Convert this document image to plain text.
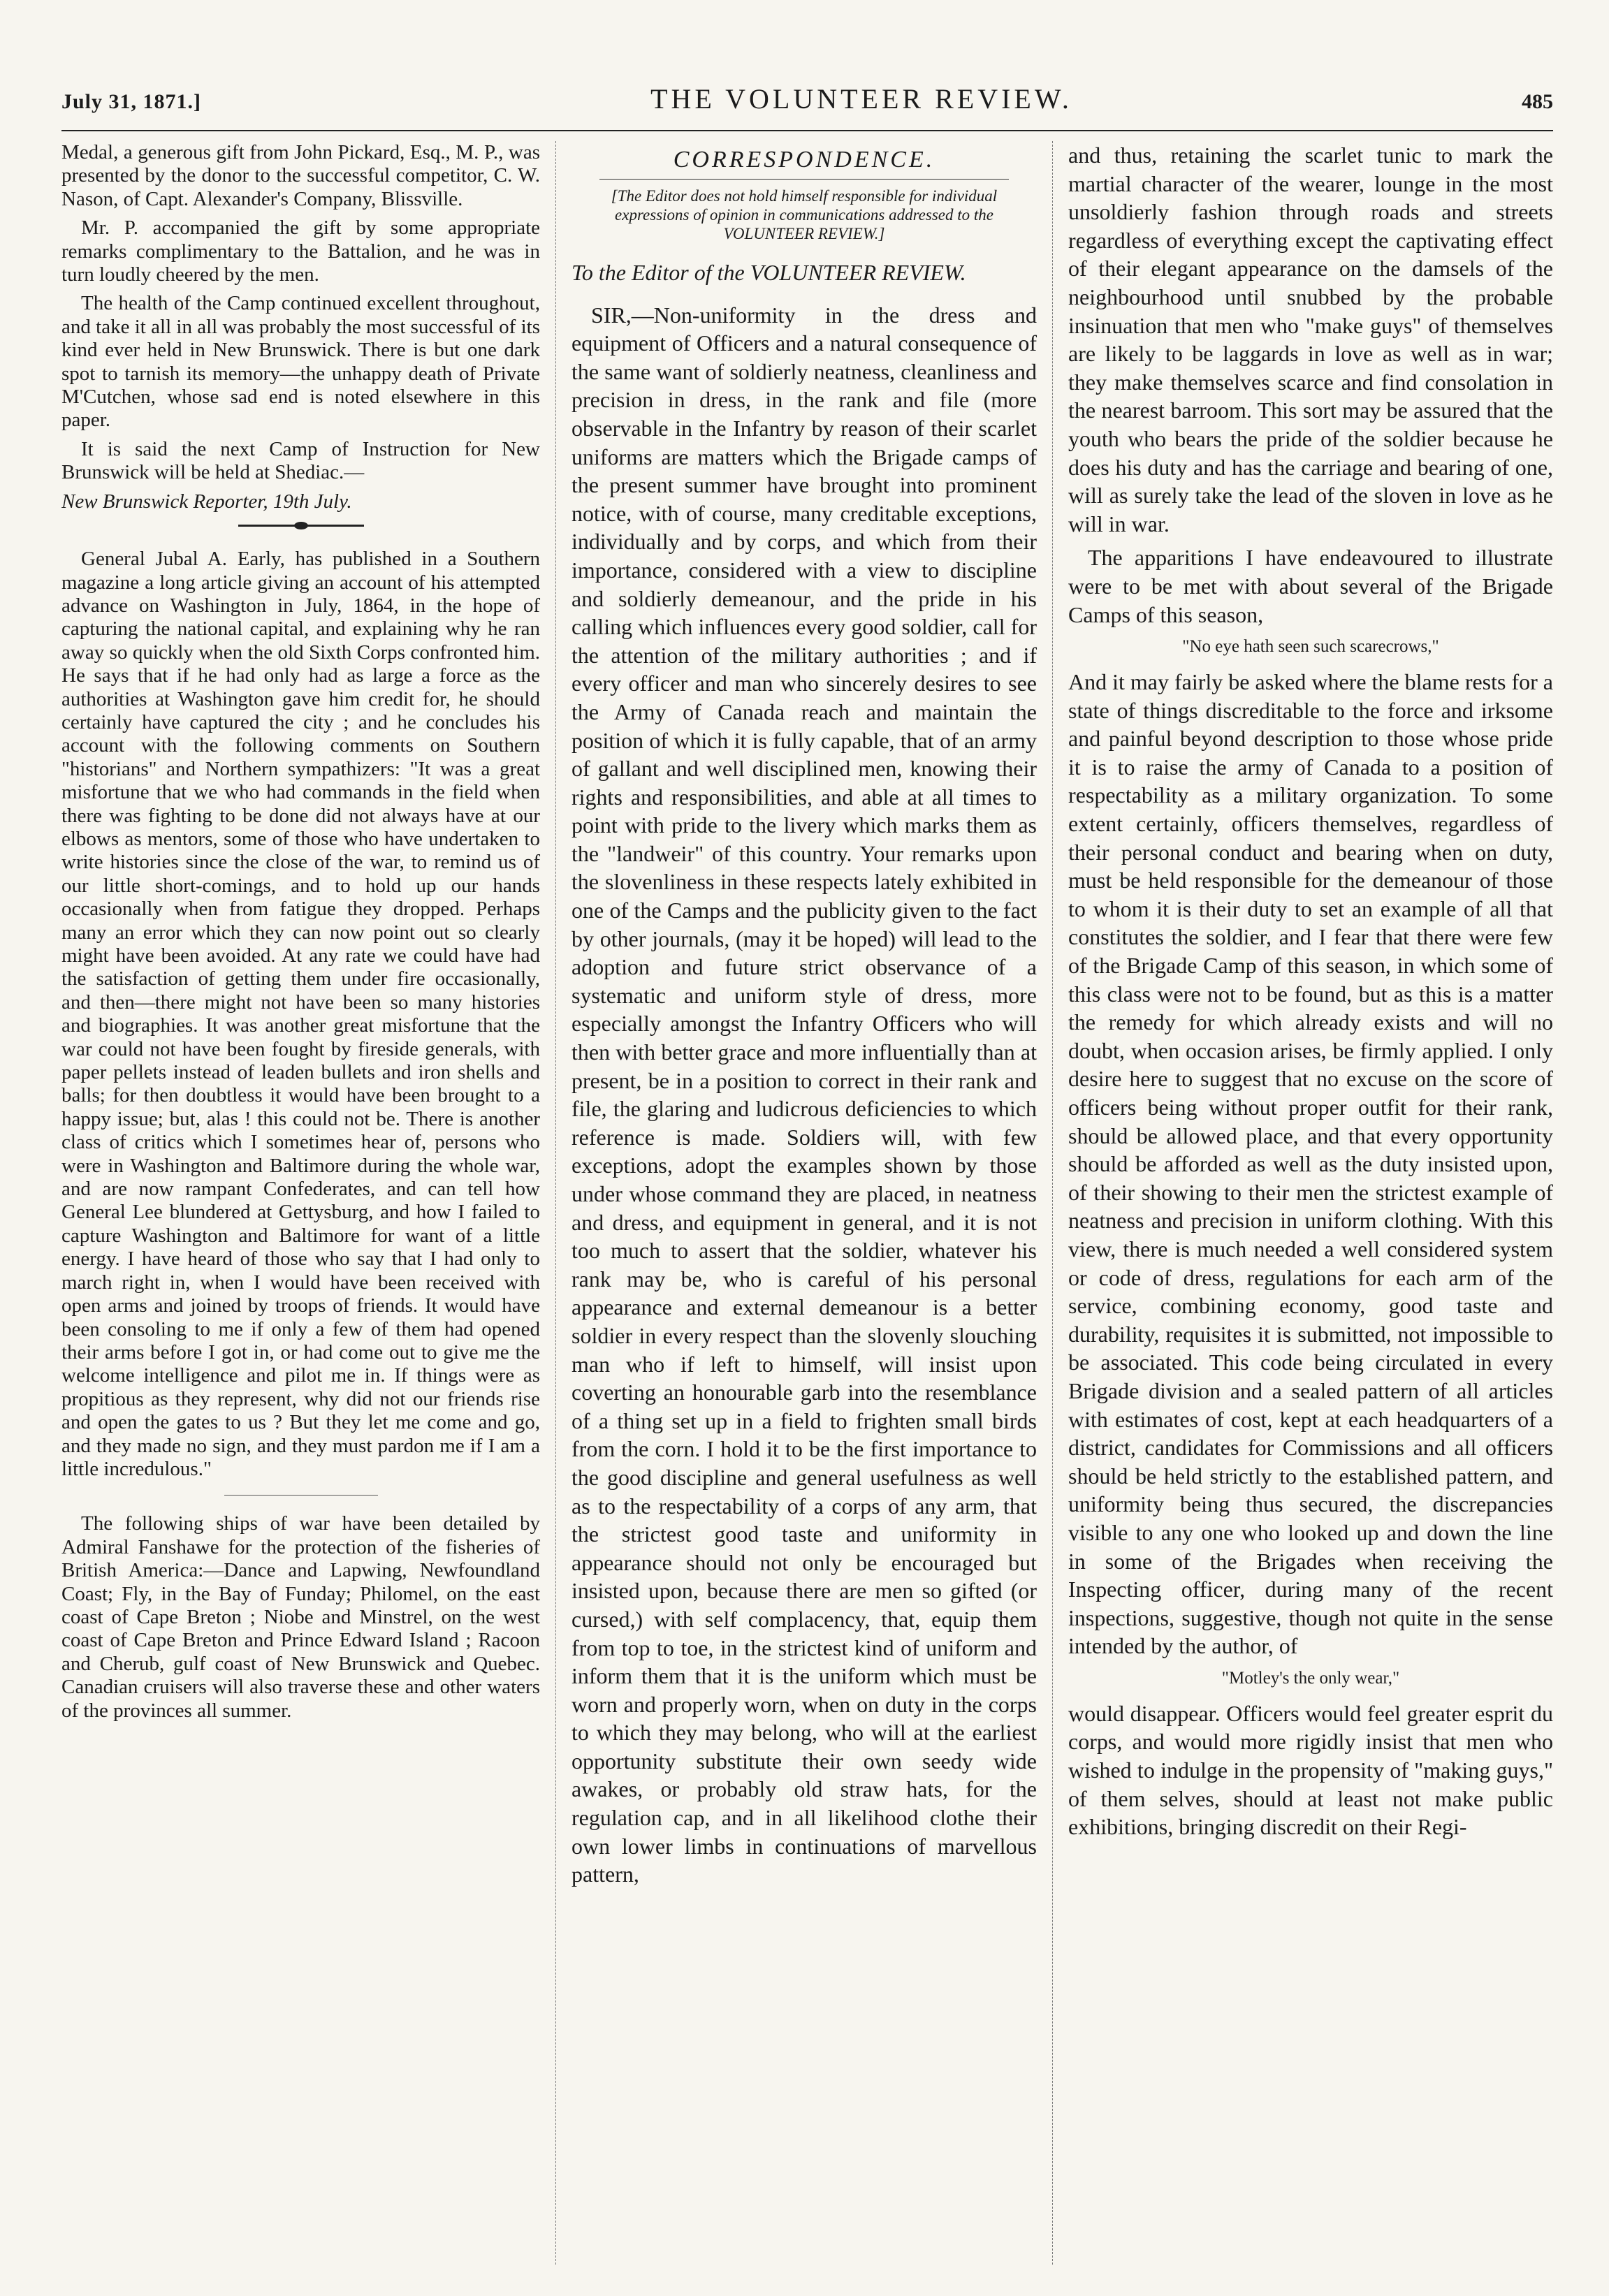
July 31, 1871.]	THE VOLUNTEER REVIEW.	485

Medal, a generous gift from John Pickard, Esq., M. P., was presented by the donor to the successful competitor, C. W. Nason, of Capt. Alexander's Company, Blissville.

Mr. P. accompanied the gift by some appropriate remarks complimentary to the Battalion, and he was in turn loudly cheered by the men.

The health of the Camp continued excellent throughout, and take it all in all was probably the most successful of its kind ever held in New Brunswick. There is but one dark spot to tarnish its memory—the unhappy death of Private M'Cutchen, whose sad end is noted elsewhere in this paper.

It is said the next Camp of Instruction for New Brunswick will be held at Shediac.—

New Brunswick Reporter, 19th July.

General Jubal A. Early, has published in a Southern magazine a long article giving an account of his attempted advance on Washington in July, 1864, in the hope of capturing the national capital, and explaining why he ran away so quickly when the old Sixth Corps confronted him. He says that if he had only had as large a force as the authorities at Washington gave him credit for, he should certainly have captured the city ; and he concludes his account with the following comments on Southern "historians" and Northern sympathizers: "It was a great misfortune that we who had commands in the field when there was fighting to be done did not always have at our elbows as mentors, some of those who have undertaken to write histories since the close of the war, to remind us of our little short-comings, and to hold up our hands occasionally when from fatigue they dropped. Perhaps many an error which they can now point out so clearly might have been avoided. At any rate we could have had the satisfaction of getting them under fire occasionally, and then—there might not have been so many histories and biographies. It was another great misfortune that the war could not have been fought by fireside generals, with paper pellets instead of leaden bullets and iron shells and balls; for then doubtless it would have been brought to a happy issue; but, alas ! this could not be. There is another class of critics which I sometimes hear of, persons who were in Washington and Baltimore during the whole war, and are now rampant Confederates, and can tell how General Lee blundered at Gettysburg, and how I failed to capture Washington and Baltimore for want of a little energy. I have heard of those who say that I had only to march right in, when I would have been received with open arms and joined by troops of friends. It would have been consoling to me if only a few of them had opened their arms before I got in, or had come out to give me the welcome intelligence and pilot me in. If things were as propitious as they represent, why did not our friends rise and open the gates to us ? But they let me come and go, and they made no sign, and they must pardon me if I am a little incredulous."

The following ships of war have been detailed by Admiral Fanshawe for the protection of the fisheries of British America:—Dance and Lapwing, Newfoundland Coast; Fly, in the Bay of Funday; Philomel, on the east coast of Cape Breton ; Niobe and Minstrel, on the west coast of Cape Breton and Prince Edward Island ; Racoon and Cherub, gulf coast of New Brunswick and Quebec. Canadian cruisers will also traverse these and other waters of the provinces all summer.

CORRESPONDENCE.
[The Editor does not hold himself responsible for individual expressions of opinion in communications addressed to the VOLUNTEER REVIEW.]

To the Editor of the VOLUNTEER REVIEW.

SIR,—Non-uniformity in the dress and equipment of Officers and a natural consequence of the same want of soldierly neatness, cleanliness and precision in dress, in the rank and file (more observable in the Infantry by reason of their scarlet uniforms are matters which the Brigade camps of the present summer have brought into prominent notice, with of course, many creditable exceptions, individually and by corps, and which from their importance, considered with a view to discipline and soldierly demeanour, and the pride in his calling which influences every good soldier, call for the attention of the military authorities ; and if every officer and man who sincerely desires to see the Army of Canada reach and maintain the position of which it is fully capable, that of an army of gallant and well disciplined men, knowing their rights and responsibilities, and able at all times to point with pride to the livery which marks them as the "landweir" of this country. Your remarks upon the slovenliness in these respects lately exhibited in one of the Camps and the publicity given to the fact by other journals, (may it be hoped) will lead to the adoption and future strict observance of a systematic and uniform style of dress, more especially amongst the Infantry Officers who will then with better grace and more influentially than at present, be in a position to correct in their rank and file, the glaring and ludicrous deficiencies to which reference is made. Soldiers will, with few exceptions, adopt the examples shown by those under whose command they are placed, in neatness and dress, and equipment in general, and it is not too much to assert that the soldier, whatever his rank may be, who is careful of his personal appearance and external demeanour is a better soldier in every respect than the slovenly slouching man who if left to himself, will insist upon coverting an honourable garb into the resemblance of a thing set up in a field to frighten small birds from the corn. I hold it to be the first importance to the good discipline and general usefulness as well as to the respectability of a corps of any arm, that the strictest good taste and uniformity in appearance should not only be encouraged but insisted upon, because there are men so gifted (or cursed,) with self complacency, that, equip them from top to toe, in the strictest kind of uniform and inform them that it is the uniform which must be worn and properly worn, when on duty in the corps to which they may belong, who will at the earliest opportunity substitute their own seedy wide awakes, or probably old straw hats, for the regulation cap, and in all likelihood clothe their own lower limbs in continuations of marvellous pattern,

and thus, retaining the scarlet tunic to mark the martial character of the wearer, lounge in the most unsoldierly fashion through roads and streets regardless of everything except the captivating effect of their elegant appearance on the damsels of the neighbourhood until snubbed by the probable insinuation that men who "make guys" of themselves are likely to be laggards in love as well as in war; they make themselves scarce and find consolation in the nearest barroom. This sort may be assured that the youth who bears the pride of the soldier because he does his duty and has the carriage and bearing of one, will as surely take the lead of the sloven in love as he will in war.

The apparitions I have endeavoured to illustrate were to be met with about several of the Brigade Camps of this season,

"No eye hath seen such scarecrows,"

And it may fairly be asked where the blame rests for a state of things discreditable to the force and irksome and painful beyond description to those whose pride it is to raise the army of Canada to a position of respectability as a military organization. To some extent certainly, officers themselves, regardless of their personal conduct and bearing when on duty, must be held responsible for the demeanour of those to whom it is their duty to set an example of all that constitutes the soldier, and I fear that there were few of the Brigade Camp of this season, in which some of this class were not to be found, but as this is a matter the remedy for which already exists and will no doubt, when occasion arises, be firmly applied. I only desire here to suggest that no excuse on the score of officers being without proper outfit for their rank, should be allowed place, and that every opportunity should be afforded as well as the duty insisted upon, of their showing to their men the strictest example of neatness and precision in uniform clothing. With this view, there is much needed a well considered system or code of dress, regulations for each arm of the service, combining economy, good taste and durability, requisites it is submitted, not impossible to be associated. This code being circulated in every Brigade division and a sealed pattern of all articles with estimates of cost, kept at each headquarters of a district, candidates for Commissions and all officers should be held strictly to the established pattern, and uniformity being thus secured, the discrepancies visible to any one who looked up and down the line in some of the Brigades when receiving the Inspecting officer, during many of the recent inspections, suggestive, though not quite in the sense intended by the author, of

"Motley's the only wear,"

would disappear. Officers would feel greater esprit du corps, and would more rigidly insist that men who wished to indulge in the propensity of "making guys," of them selves, should at least not make public exhibitions, bringing discredit on their Regi-
